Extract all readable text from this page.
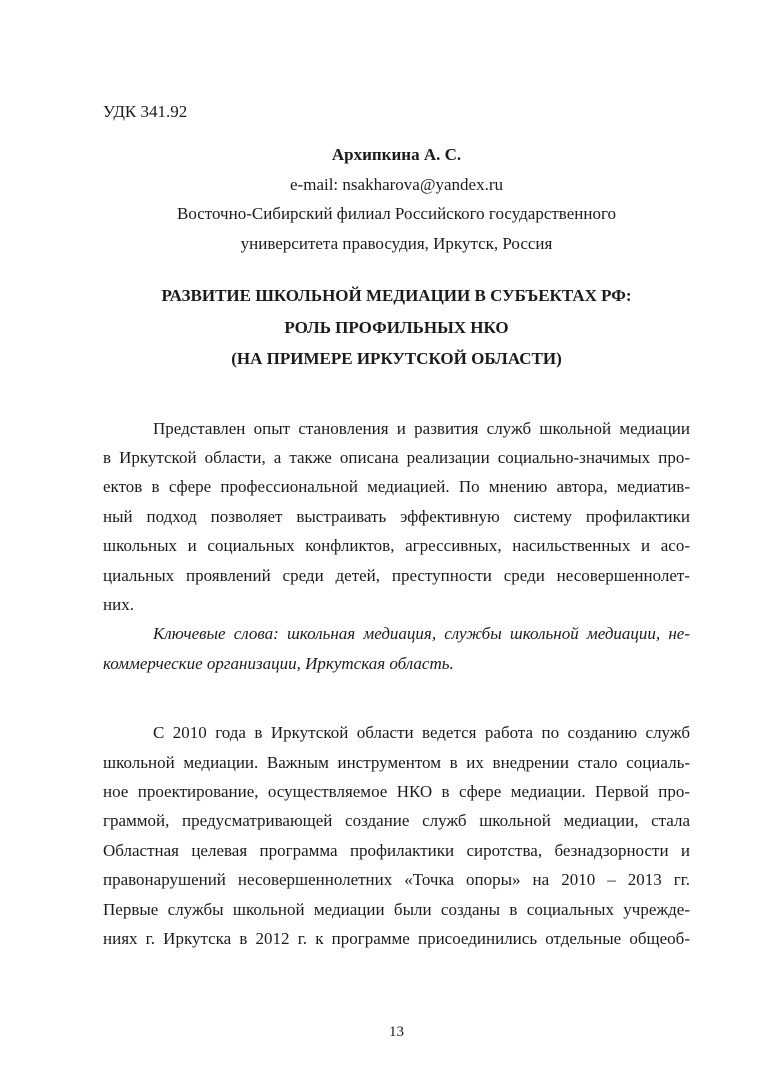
УДК 341.92
Архипкина А. С.
e-mail: nsakharova@yandex.ru
Восточно-Сибирский филиал Российского государственного
университета правосудия, Иркутск, Россия
РАЗВИТИЕ ШКОЛЬНОЙ МЕДИАЦИИ В СУБЪЕКТАХ РФ:
РОЛЬ ПРОФИЛЬНЫХ НКО
(НА ПРИМЕРЕ ИРКУТСКОЙ ОБЛАСТИ)
Представлен опыт становления и развития служб школьной медиации
в Иркутской области, а также описана реализации социально-значимых про-
ектов в сфере профессиональной медиацией. По мнению автора, медиатив-
ный подход позволяет выстраивать эффективную систему профилактики
школьных и социальных конфликтов, агрессивных, насильственных и асо-
циальных проявлений среди детей, преступности среди несовершеннолет-
них.
Ключевые слова: школьная медиация, службы школьной медиации, не-
коммерческие организации, Иркутская область.
С 2010 года в Иркутской области ведется работа по созданию служб
школьной медиации. Важным инструментом в их внедрении стало социаль-
ное проектирование, осуществляемое НКО в сфере медиации. Первой про-
граммой, предусматривающей создание служб школьной медиации, стала
Областная целевая программа профилактики сиротства, безнадзорности и
правонарушений несовершеннолетних «Точка опоры» на 2010 – 2013 гг.
Первые службы школьной медиации были созданы в социальных учрежде-
ниях г. Иркутска в 2012 г. к программе присоединились отдельные общеоб-
13
